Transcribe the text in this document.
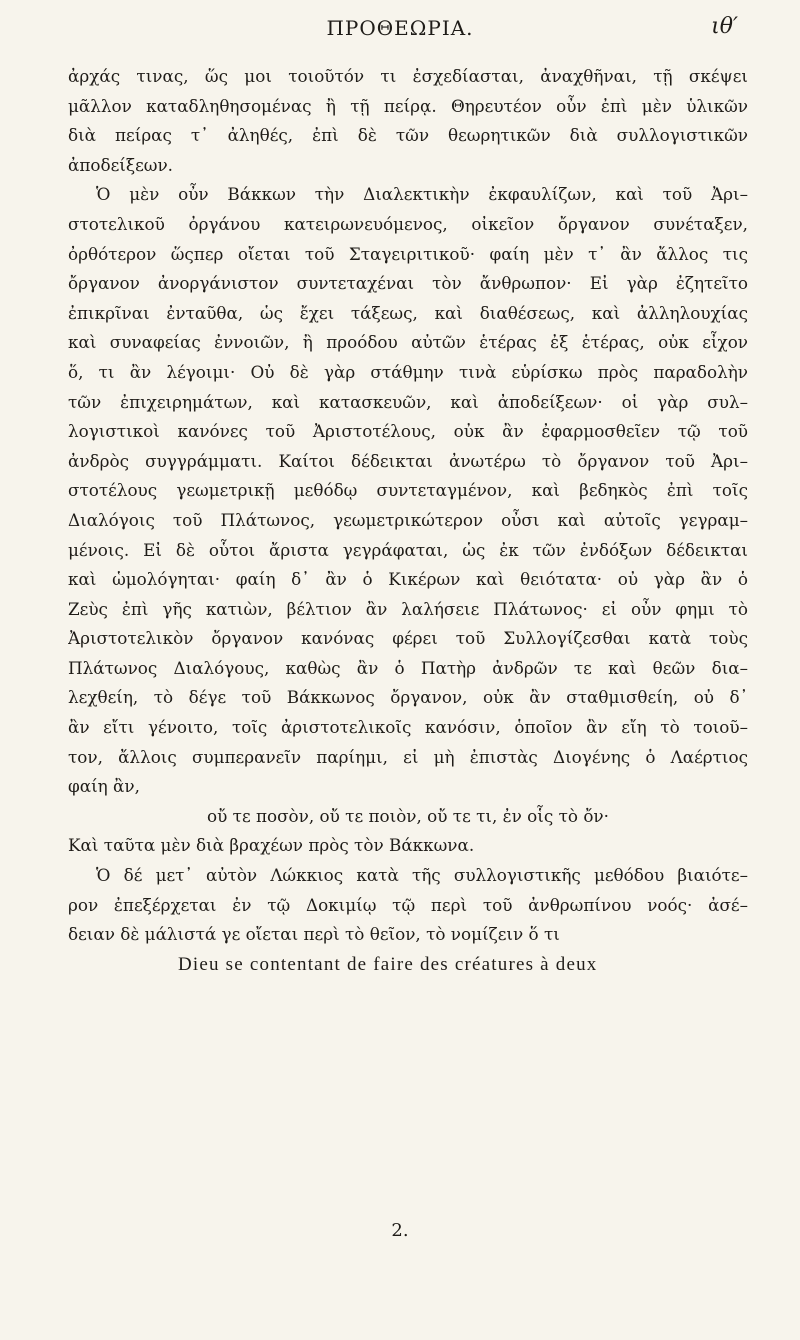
ΠΡΟΘΕΩΡΙΑ.	ιθ′
ἀρχάς τινας, ὥς μοι τοιοῦτόν τι ἐσχεδίασται, ἀναχθῆναι, τῇ σκέψει
μᾶλλον καταδληθησομένας ἢ τῇ πείρᾳ. Θηρευτέον οὖν ἐπὶ μὲν ὑλικῶν
διὰ πείρας τ᾽ ἀληθές, ἐπὶ δὲ τῶν θεωρητικῶν διὰ συλλογιστικῶν
ἀποδείξεων.
Ὁ μὲν οὖν Βάκκων τὴν Διαλεκτικὴν ἐκφαυλίζων, καὶ τοῦ Ἀρι–
στοτελικοῦ ὀργάνου κατειρωνευόμενος, οἰκεῖον ὄργανον συνέταξεν,
ὀρθότερον ὥςπερ οἴεται τοῦ Σταγειριτικοῦ· φαίη μὲν τ᾽ ἂν ἄλλος τις
ὄργανον ἀνοργάνιστον συντεταχέναι τὸν ἄνθρωπον· Εἰ γὰρ ἐζητεῖτο
ἐπικρῖναι ἐνταῦθα, ὡς ἔχει τάξεως, καὶ διαθέσεως, καὶ ἀλληλουχίας
καὶ συναφείας ἐννοιῶν, ἢ προόδου αὐτῶν ἑτέρας ἐξ ἑτέρας, οὐκ εἶχον
ὅ, τι ἂν λέγοιμι· Οὐ δὲ γὰρ στάθμην τινὰ εὑρίσκω πρὸς παραδολὴν
τῶν ἐπιχειρημάτων, καὶ κατασκευῶν, καὶ ἀποδείξεων· οἱ γὰρ συλ–
λογιστικοὶ κανόνες τοῦ Ἀριστοτέλους, οὐκ ἂν ἐφαρμοσθεῖεν τῷ τοῦ
ἀνδρὸς συγγράμματι. Καίτοι δέδεικται ἀνωτέρω τὸ ὄργανον τοῦ Ἀρι–
στοτέλους γεωμετρικῇ μεθόδῳ συντεταγμένον, καὶ βεδηκὸς ἐπὶ τοῖς
Διαλόγοις τοῦ Πλάτωνος, γεωμετρικώτερον οὖσι καὶ αὐτοῖς γεγραμ–
μένοις. Εἰ δὲ οὗτοι ἄριστα γεγράφαται, ὡς ἐκ τῶν ἐνδόξων δέδεικται
καὶ ὡμολόγηται· φαίη δ᾽ ἂν ὁ Κικέρων καὶ θειότατα· οὐ γὰρ ἂν ὁ
Ζεὺς ἐπὶ γῆς κατιὼν, βέλτιον ἂν λαλήσειε Πλάτωνος· εἰ οὖν φημι τὸ
Ἀριστοτελικὸν ὄργανον κανόνας φέρει τοῦ Συλλογίζεσθαι κατὰ τοὺς
Πλάτωνος Διαλόγους, καθὼς ἂν ὁ Πατὴρ ἀνδρῶν τε καὶ θεῶν δια–
λεχθείη, τὸ δέγε τοῦ Βάκκωνος ὄργανον, οὐκ ἂν σταθμισθείη, οὐ δ᾽
ἂν εἴτι γένοιτο, τοῖς ἀριστοτελικοῖς κανόσιν, ὁποῖον ἂν εἴη τὸ τοιοῦ–
τον, ἄλλοις συμπερανεῖν παρίημι, εἰ μὴ ἐπιστὰς Διογένης ὁ Λαέρτιος
φαίη ἂν,
οὔ τε ποσὸν, οὔ τε ποιὸν, οὔ τε τι, ἐν οἷς τὸ ὄν·
Καὶ ταῦτα μὲν διὰ βραχέων πρὸς τὸν Βάκκωνα.
Ὁ δέ μετ᾽ αὐτὸν Λώκκιος κατὰ τῆς συλλογιστικῆς μεθόδου βιαιότε–
ρον ἐπεξέρχεται ἐν τῷ Δοκιμίῳ τῷ περὶ τοῦ ἀνθρωπίνου νοός· ἀσέ–
δειαν δὲ μάλιστά γε οἴεται περὶ τὸ θεῖον, τὸ νομίζειν ὅ τι
Dieu se contentant de faire des créatures à deux
2.
